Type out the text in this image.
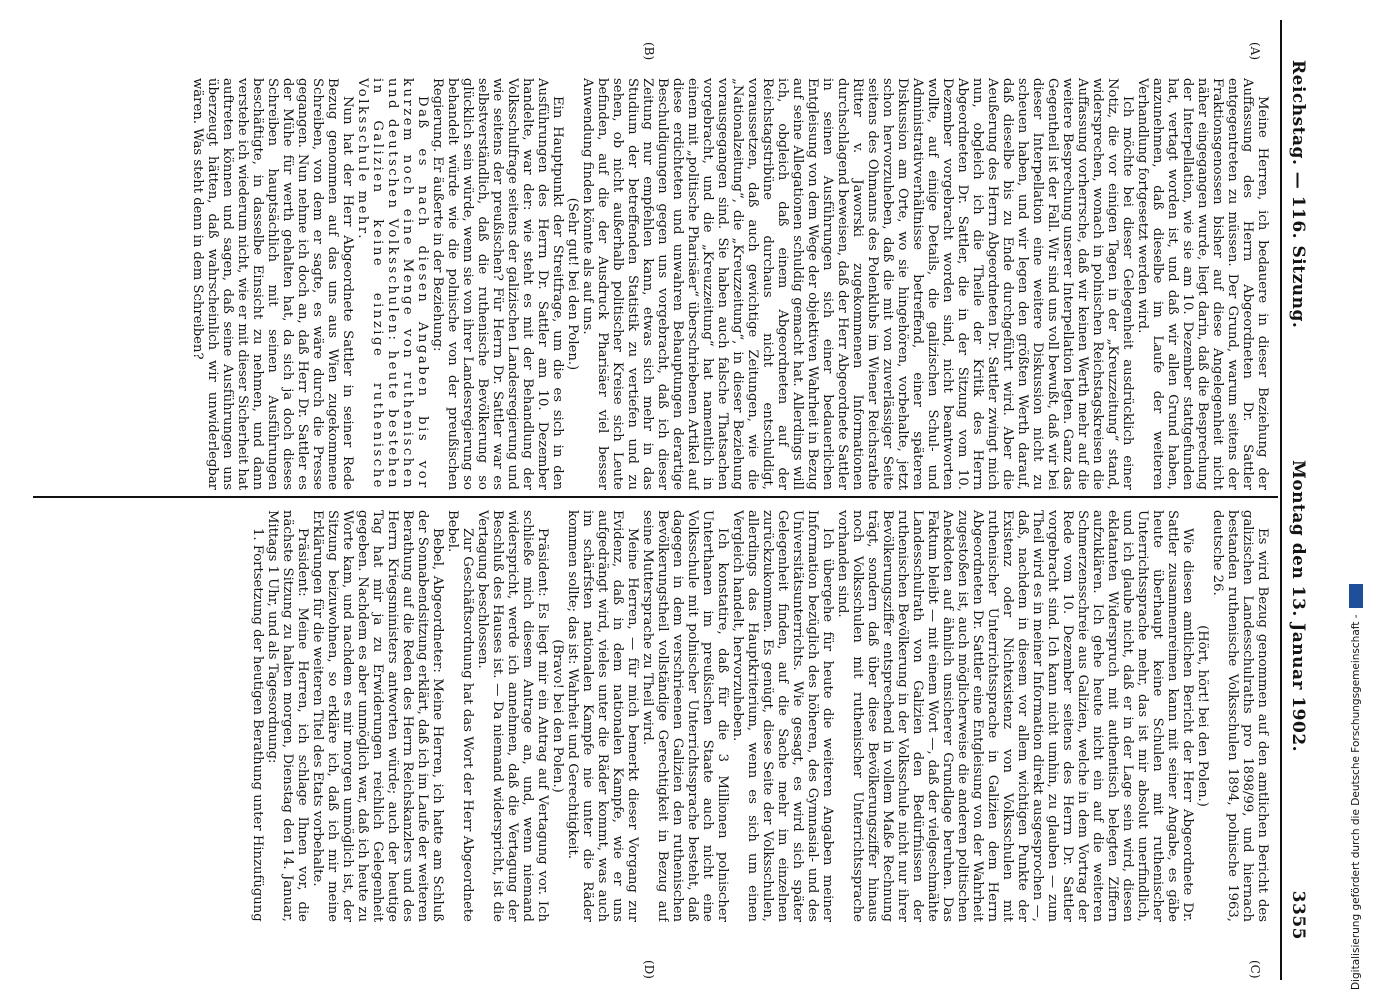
Reichstag. — 116. Sitzung.
Montag den 13. Januar 1902.
3355
(A)
(B)
(C)
(D)

Meine Herren, ich bedauere in dieser Beziehung der Auffassung des Herrn Abgeordneten Dr. Sattler entgegentreten zu müssen. Der Grund, warum seitens der Fraktionsgenossen bisher auf diese Angelegenheit nicht näher eingegangen wurde, liegt darin, daß die Besprechung der Interpellation, wie sie am 10. Dezember stattgefunden hat, vertagt worden ist, und daß wir allen Grund haben, anzunehmen, daß dieselbe im Laufe der weiteren Verhandlung fortgesetzt werden wird.

Ich möchte bei dieser Gelegenheit ausdrücklich einer Notiz, die vor einigen Tagen in der „Kreuzzeitung“ stand, widersprechen, wonach in polnischen Reichstagskreisen die Auffassung vorherrsche, daß wir keinen Werth mehr auf die weitere Besprechung unserer Interpellation legten. Ganz das Gegentheil ist der Fall. Wir sind uns voll bewußt, daß wir bei dieser Interpellation eine weitere Diskussion nicht zu scheuen haben, und wir legen den größten Werth darauf, daß dieselbe bis zu Ende durchgeführt wird. Aber die Aeußerung des Herrn Abgeordneten Dr. Sattler zwingt mich nun, obgleich ich die Theile der Kritik des Herrn Abgeordneten Dr. Sattler, die in der Sitzung vom 10. Dezember vorgebracht worden sind, nicht beantworten wollte, auf einige Details, die galizischen Schul- und Administrativverhältnisse betreffend, einer späteren Diskussion am Orte, wo sie hingehören, vorbehalte, jetzt schon hervorzuheben, daß die mit von zuverlässiger Seite seitens des Ohmanns des Polenklubs im Wiener Reichsrathe Ritter v. Jaworski zugekommenen Informationen durchschlagend beweisen, daß der Herr Abgeordnete Sattler in seinen Ausführungen sich einer bedauerlichen Entgleisung von dem Wege der objektiven Wahrheit in Bezug auf seine Allegationen schuldig gemacht hat. Allerdings will ich, obgleich daß einem Abgeordneten auf der Reichstagstribüne durchaus nicht entschuldigt, voraussetzen, daß auch gewichtige Zeitungen, wie die „Nationalzeitung“, die „Kreuzzeitung“, in dieser Beziehung vorausgegangen sind. Sie haben auch falsche Thatsachen vorgebracht, und die „Kreuzzeitung“ hat namentlich in einem mit „politische Pharisäer“ überschriebenen Artikel auf diese erdichteten und unwahren Behauptungen derartige Beschuldigungen gegen uns vorgebracht, daß ich dieser Zeitung nur empfehlen kann, etwas sich mehr in das Studium der betreffenden Statistik zu vertiefen und zu sehen, ob nicht außerhalb politischer Kreise sich Leute befinden, auf die der Ausdruck Pharisäer viel besser Anwendung finden könnte als auf uns.

(Sehr gut! bei den Polen.)

Ein Hauptpunkt der Streitfrage, um die es sich in den Ausführungen des Herrn Dr. Sattler am 10. Dezember handelte, war der: wie steht es mit der Behandlung der Volksschulfrage seitens der galizischen Landesregierung und wie seitens der preußischen? Für Herrn Dr. Sattler war es selbstverständlich, daß die ruthenische Bevölkerung so glücklich sein würde, wenn sie von ihrer Landesregierung so behandelt würde wie die polnische von der preußischen Regierung. Er äußerte in der Beziehung:

Daß es nach diesen Angaben bis vor kurzem noch eine Menge von ruthenischen und deutschen Volksschulen: heute bestehen in Galizien keine einzige ruthenische Volksschule mehr.

Nun hat der Herr Abgeordnete Sattler in seiner Rede Bezug genommen auf das uns aus Wien zugekommene Schreiben, von dem er sagte, es wäre durch die Presse gegangen. Nun nehme ich doch an, daß Herr Dr. Sattler es der Mühe für werth gehalten hat, da sich ja doch dieses Schreiben hauptsächlich mit seinen Ausführungen beschäftigte, in dasselbe Einsicht zu nehmen, und dann verstehe ich wiederum nicht, wie er mit dieser Sicherheit hat auftreten können und sagen, daß seine Ausführungen uns überzeugt hätten, daß wahrscheinlich wir unwiderlegbar wären. Was steht denn in dem Schreiben?

Es wird Bezug genommen auf den amtlichen Bericht des galizischen Landesschulraths pro 1898/99, und hiernach bestanden ruthenische Volksschulen 1894, polnische 1963, deutsche 26.

(Hört, hört! bei den Polen.)

Wie diesen amtlichen Bericht der Herr Abgeordnete Dr. Sattler zusammenreimen kann mit seiner Angabe, es gäbe heute überhaupt keine Schulen mit ruthenischer Unterrichtssprache mehr, das ist mir absolut unerfindlich, und ich glaube nicht, daß er in der Lage sein wird, diesen eklatanten Widerspruch mit authentisch belegten Ziffern aufzuklären. Ich gehe heute nicht ein auf die weiteren Schmerzensschreie aus Galizien, welche in dem Vortrag der Rede vom 10. Dezember seitens des Herrn Dr. Sattler vorgebracht sind. Ich kann nicht umhin, zu glauben — zum Theil wird es in meiner Information direkt ausgesprochen —, daß, nachdem in diesem vor allem wichtigen Punkte der Existenz oder Nichtexistenz von Volksschulen mit ruthenischer Unterrichtssprache in Galizien dem Herrn Abgeordneten Dr. Sattler eine Entgleisung von der Wahrheit zugestoßen ist, auch möglicherweise die anderen politischen Anekdoten auf ähnlich unsicherer Grundlage beruhen. Das Faktum bleibt — mit einem Wort —, daß der vielgeschmähte Landesschulrath von Galizien den Bedürfnissen der ruthenischen Bevölkerung in der Volksschule nicht nur ihrer Bevölkerungsziffer entsprechend in vollem Maße Rechnung trägt, sondern daß über diese Bevölkerungsziffer hinaus noch Volksschulen mit ruthenischer Unterrichtssprache vorhanden sind.

Ich übergehe für heute die weiteren Angaben meiner Information bezüglich des höheren, des Gymnasial- und des Universitätsunterrichts. Wie gesagt, es wird sich später Gelegenheit finden, auf die Sache mehr im einzelnen zurückzukommen. Es genügt, diese Seite der Volksschulen, allerdings das Hauptkriterium, wenn es sich um einen Vergleich handelt, hervorzuheben.

Ich konstatire, daß für die 3 Millionen polnischer Unterthanen im preußischen Staate auch nicht eine Volksschule mit polnischer Unterrichtssprache besteht, daß dagegen in dem verschrieenen Galizien den ruthenischen Bevölkerungstheil vollständige Gerechtigkeit in Bezug auf seine Muttersprache zu Theil wird.

Meine Herren, — für mich bemerkt dieser Vorgang zur Evidenz, daß in dem nationalen Kampfe, wie er uns aufgedrängt wird, vieles unter die Räder kommt, was auch im schärfsten nationalen Kampfe nie unter die Räder kommen sollte; das ist: Wahrheit und Gerechtigkeit.

(Bravo! bei den Polen.)

Präsident: Es liegt mir ein Antrag auf Vertagung vor. Ich schließe mich diesem Antrage an, und, wenn niemand widerspricht, werde ich annehmen, daß die Vertagung der Beschluß des Hauses ist. — Da niemand widerspricht, ist die Vertagung beschlossen.

Zur Geschäftsordnung hat das Wort der Herr Abgeordnete Bebel.

Bebel, Abgeordneter: Meine Herren, ich hatte am Schluß der Sonnabendsitzung erklärt, daß ich im Laufe der weiteren Berathung auf die Reden des Herrn Reichskanzlers und des Herrn Kriegsministers antworten würde; auch der heutige Tag hat mir ja zu Erwiderungen reichlich Gelegenheit gegeben. Nachdem es aber unmöglich war, daß ich heute zu Worte kam, und nachdem es mir morgen unmöglich ist, der Sitzung beizuwohnen, so erkläre ich, daß ich mir meine Erklärungen für die weiteren Titel des Etats vorbehalte.

Präsident: Meine Herren, ich schlage Ihnen vor, die nächste Sitzung zu halten morgen, Dienstag den 14. Januar, Mittags 1 Uhr, und als Tagesordnung:

1. Fortsetzung der heutigen Berathung unter Hinzufügung	Digitalisierung gefördert durch die Deutsche Forschungsgemeinschaft -
